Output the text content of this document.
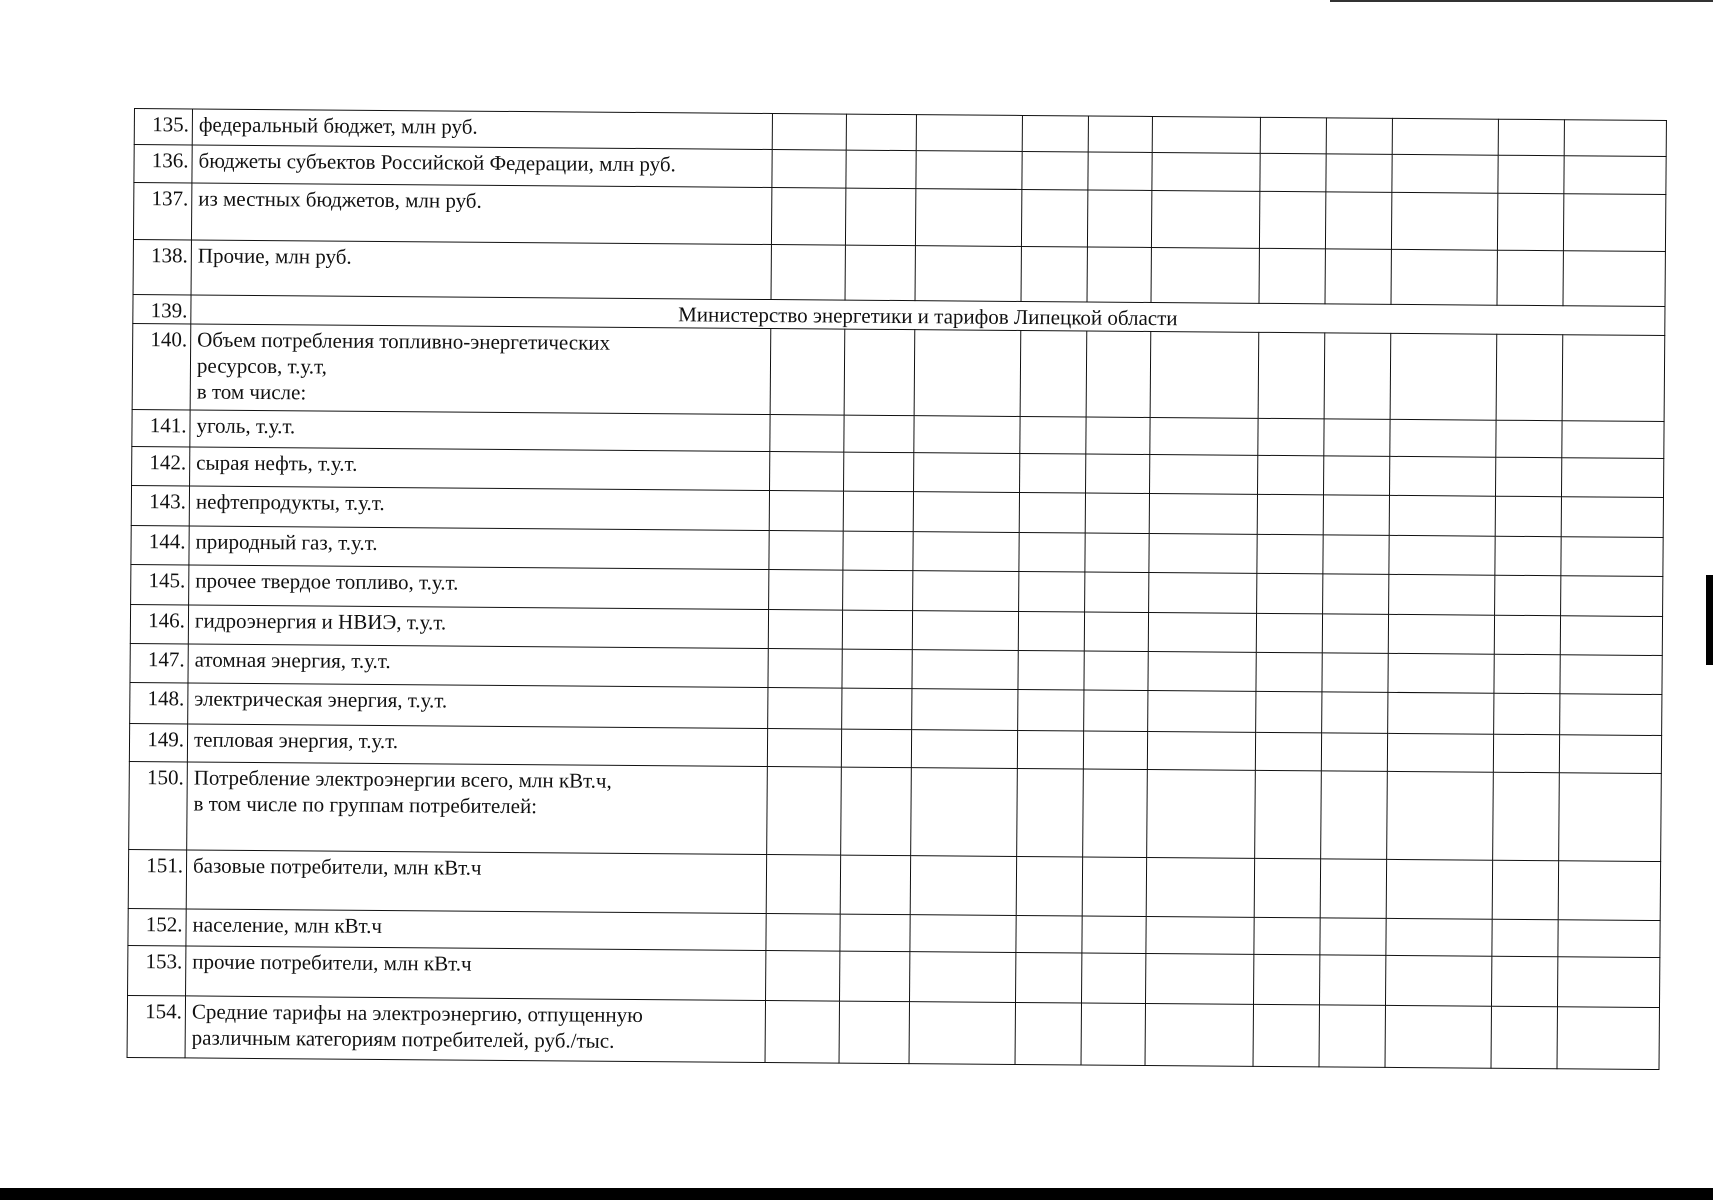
135.	федеральный бюджет, млн руб.											
136.	бюджеты субъектов Российской Федерации, млн руб.											
137.	из местных бюджетов, млн руб.											
138.	Прочие, млн руб.											
139.	Министерство энергетики и тарифов Липецкой области											
140.	Объем потребления топливно-энергетических
ресурсов, т.у.т,
в том числе:											
141.	уголь, т.у.т.											
142.	сырая нефть, т.у.т.											
143.	нефтепродукты, т.у.т.											
144.	природный газ, т.у.т.											
145.	прочее твердое топливо, т.у.т.											
146.	гидроэнергия и НВИЭ, т.у.т.											
147.	атомная энергия, т.у.т.											
148.	электрическая энергия, т.у.т.											
149.	тепловая энергия, т.у.т.											
150.	Потребление электроэнергии всего, млн кВт.ч,
в том числе по группам потребителей:											
151.	базовые потребители, млн кВт.ч											
152.	население, млн кВт.ч											
153.	прочие потребители, млн кВт.ч											
154.	Средние тарифы на электроэнергию, отпущенную
различным категориям потребителей, руб./тыс.											
